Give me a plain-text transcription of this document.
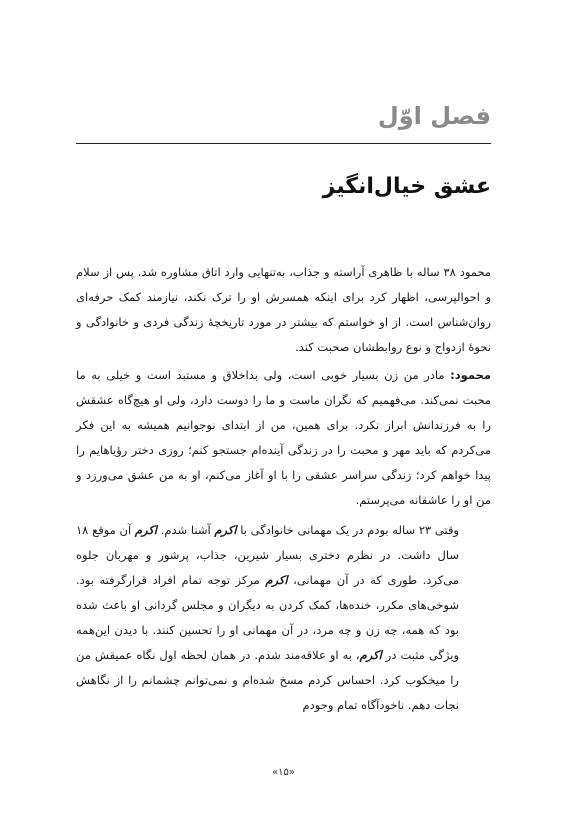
فصل اوّل
عشق خیال‌انگیز

محمود ۳۸ ساله با ظاهری آراسته و جذاب، به‌تنهایی وارد اتاق مشاوره شد. پس از سلام و احوالپرسی، اظهار کرد برای اینکه همسرش او را ترک نکند، نیازمند کمک حرفه‌ای روان‌شناس است. از او خواستم که بیشتر در مورد تاریخچهٔ زندگی فردی و خانوادگی و نحوهٔ ازدواج و نوع روابطشان صحبت کند.

محمود: مادر من زن بسیار خوبی است، ولی بداخلاق و مستبد است و خیلی به ما محبت نمی‌کند. می‌فهمیم که نگران ماست و ما را دوست دارد، ولی او هیچ‌گاه عشقش را به فرزندانش ابراز نکرد. برای همین، من از ابتدای نوجوانیم همیشه به این فکر می‌کردم که باید مهر و محبت را در زندگی آینده‌ام جستجو کنم؛ روزی دختر رؤیاهایم را پیدا خواهم کرد؛ زندگی سراسر عشقی را با او آغاز می‌کنم، او به من عشق می‌ورزد و من او را عاشقانه می‌پرستم.

وقتی ۲۳ ساله بودم در یک مهمانی خانوادگی با اکرم آشنا شدم. اکرم آن موقع ۱۸ سال داشت. در نظرم دختری بسیار شیرین، جذاب، پرشور و مهربان جلوه می‌کرد. طوری که در آن مهمانی، اکرم مرکز توجه تمام افراد قرارگرفته بود. شوخی‌های مکرر، خنده‌ها، کمک کردن به دیگران و مجلس گردانی او باعث شده بود که همه، چه زن و چه مرد، در آن مهمانی او را تحسین کنند. با دیدن این‌همه ویژگی مثبت در اکرم، به او علاقه‌مند شدم. در همان لحظه اول نگاه عمیقش من را میخکوب کرد. احساس کردم مسخ شده‌ام و نمی‌توانم چشمانم را از نگاهش نجات دهم. ناخودآگاه تمام وجودم

«۱۵»
